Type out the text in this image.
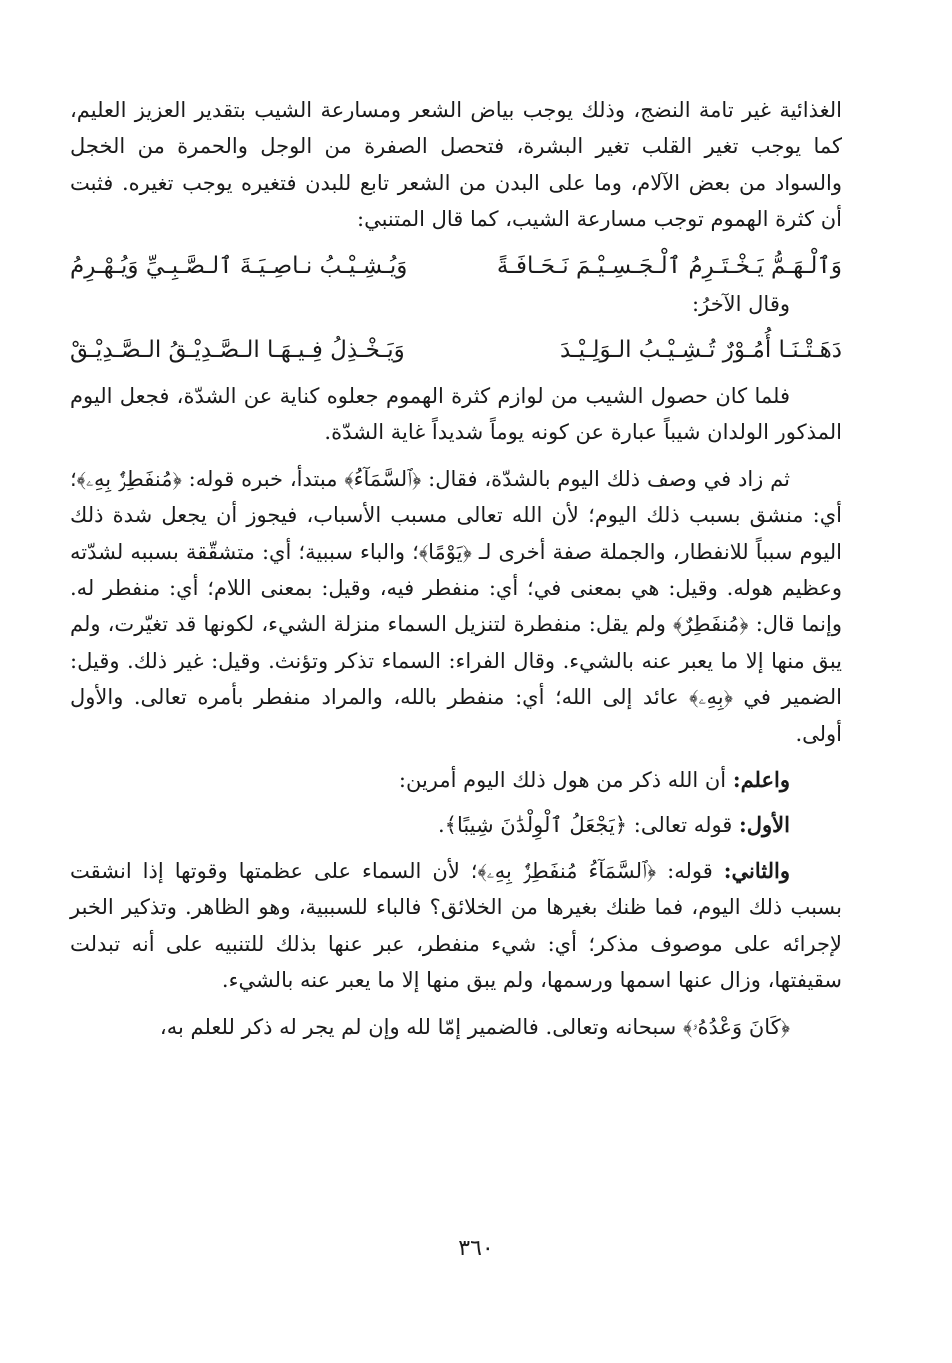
الغذائية غير تامة النضج، وذلك يوجب بياض الشعر ومسارعة الشيب بتقدير العزيز العليم، كما يوجب تغير القلب تغير البشرة، فتحصل الصفرة من الوجل والحمرة من الخجل والسواد من بعض الآلام، وما على البدن من الشعر تابع للبدن فتغيره يوجب تغيره. فثبت أن كثرة الهموم توجب مسارعة الشيب، كما قال المتنبي:

وَٱلْـهَـمُّ يَـخْـتَـرِمُ ٱلْـجَـسِـيْـمَ نَـحَـافَـةً
وَيُـشِـيْـبُ نـاصِـيَـةَ ٱلـصَّـبِـيِّ وَيُـهْـرِمُ

وقال الآخرُ:

دَهَـتْـنَـا أُمُـوْرٌ تُـشِـيْـبُ الـوَلِـيْـدَ
وَيَـخْـذِلُ فِـيـهَـا الـصَّـدِيْـقُ الـصَّـدِيْـقْ

فلما كان حصول الشيب من لوازم كثرة الهموم جعلوه كناية عن الشدّة، فجعل اليوم المذكور الولدان شيباً عبارة عن كونه يوماً شديداً غاية الشدّة.

ثم زاد في وصف ذلك اليوم بالشدّة، فقال: ﴿ٱلسَّمَآءُ﴾ مبتدأ، خبره قوله: ﴿مُنفَطِرٌۢ بِهِۦ﴾؛ أي: منشق بسبب ذلك اليوم؛ لأن الله تعالى مسبب الأسباب، فيجوز أن يجعل شدة ذلك اليوم سبباً للانفطار، والجملة صفة أخرى لـ ﴿يَوْمًا﴾؛ والباء سببية؛ أي: متشقّقة بسببه لشدّته وعظيم هوله. وقيل: هي بمعنى في؛ أي: منفطر فيه، وقيل: بمعنى اللام؛ أي: منفطر له. وإنما قال: ﴿مُنفَطِرٌ﴾ ولم يقل: منفطرة لتنزيل السماء منزلة الشيء، لكونها قد تغيّرت، ولم يبق منها إلا ما يعبر عنه بالشيء. وقال الفراء: السماء تذكر وتؤنث. وقيل: غير ذلك. وقيل: الضمير في ﴿بِهِۦ﴾ عائد إلى الله؛ أي: منفطر بالله، والمراد منفطر بأمره تعالى. والأول أولى.

واعلم: أن الله ذكر من هول ذلك اليوم أمرين:

الأول: قوله تعالى: ﴿يَجْعَلُ ٱلْوِلْدَٰنَ شِيبًا﴾.

والثاني: قوله: ﴿ٱلسَّمَآءُ مُنفَطِرٌۢ بِهِۦ﴾؛ لأن السماء على عظمتها وقوتها إذا انشقت بسبب ذلك اليوم، فما ظنك بغيرها من الخلائق؟ فالباء للسببية، وهو الظاهر. وتذكير الخبر لإجرائه على موصوف مذكر؛ أي: شيء منفطر، عبر عنها بذلك للتنبيه على أنه تبدلت سقيفتها، وزال عنها اسمها ورسمها، ولم يبق منها إلا ما يعبر عنه بالشيء.

﴿كَانَ وَعْدُهُۥ﴾ سبحانه وتعالى. فالضمير إمّا لله وإن لم يجر له ذكر للعلم به،

٣٦٠
